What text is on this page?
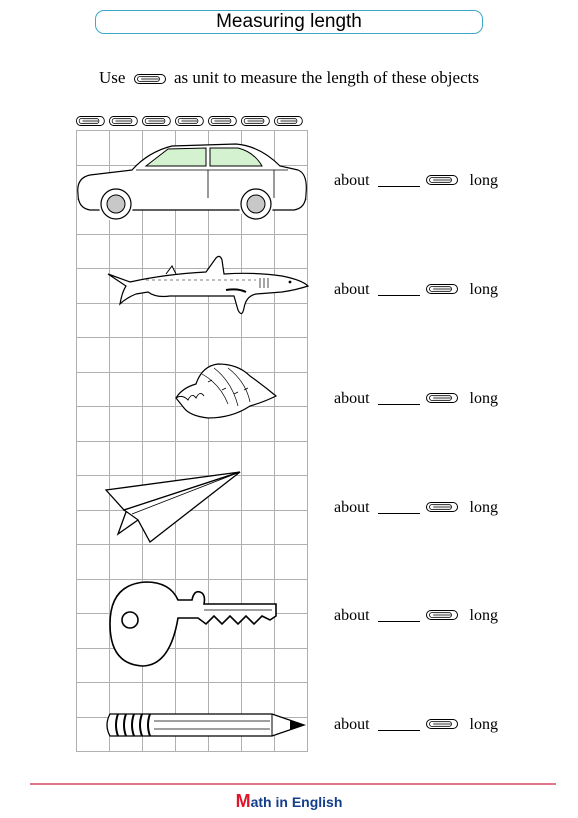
Measuring length
Use	as unit to measure the length of these objects
about	long
about	long
about	long
about	long
about	long
about	long
Math in English
